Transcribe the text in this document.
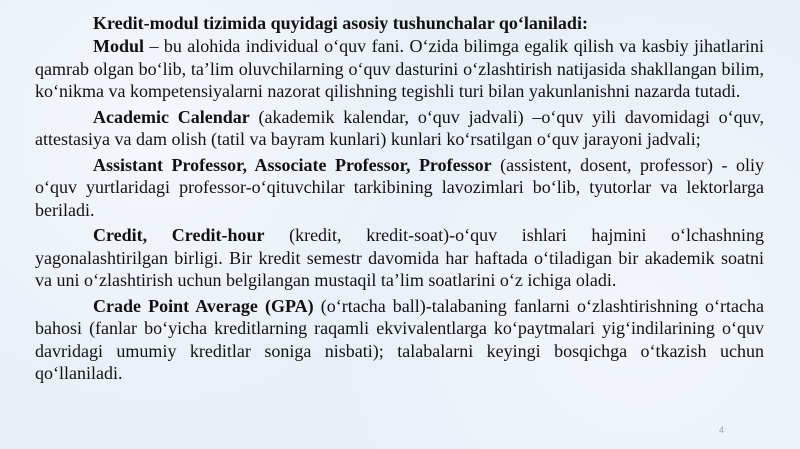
Kredit-modul tizimida quyidagi asosiy tushunchalar qo‘laniladi:

Modul – bu alohida individual o‘quv fani. O‘zida bilimga egalik qilish va kasbiy jihatlarini qamrab olgan bo‘lib, ta’lim oluvchilarning o‘quv dasturini o‘zlashtirish natijasida shakllangan bilim, ko‘nikma va kompetensiyalarni nazorat qilishning tegishli turi bilan yakunlanishni nazarda tutadi.

Academic Calendar (akademik kalendar, o‘quv jadvali) –o‘quv yili davomidagi o‘quv, attestasiya va dam olish (tatil va bayram kunlari) kunlari ko‘rsatilgan o‘quv jarayoni jadvali;

Assistant Professor, Associate Professor, Professor (assistent, dosent, professor) - oliy o‘quv yurtlaridagi professor-o‘qituvchilar tarkibining lavozimlari bo‘lib, tyutorlar va lektorlarga beriladi.

Credit, Credit-hour (kredit, kredit-soat)-o‘quv ishlari hajmini o‘lchashning yagonalashtirilgan birligi. Bir kredit semestr davomida har haftada o‘tiladigan bir akademik soatni va uni o‘zlashtirish uchun belgilangan mustaqil ta’lim soatlarini o‘z ichiga oladi.

Crade Point Average (GPA) (o‘rtacha ball)-talabaning fanlarni o‘zlashtirishning o‘rtacha bahosi (fanlar bo‘yicha kreditlarning raqamli ekvivalentlarga ko‘paytmalari yig‘indilarining o‘quv davridagi umumiy kreditlar soniga nisbati); talabalarni keyingi bosqichga o‘tkazish uchun qo‘llaniladi.

4
